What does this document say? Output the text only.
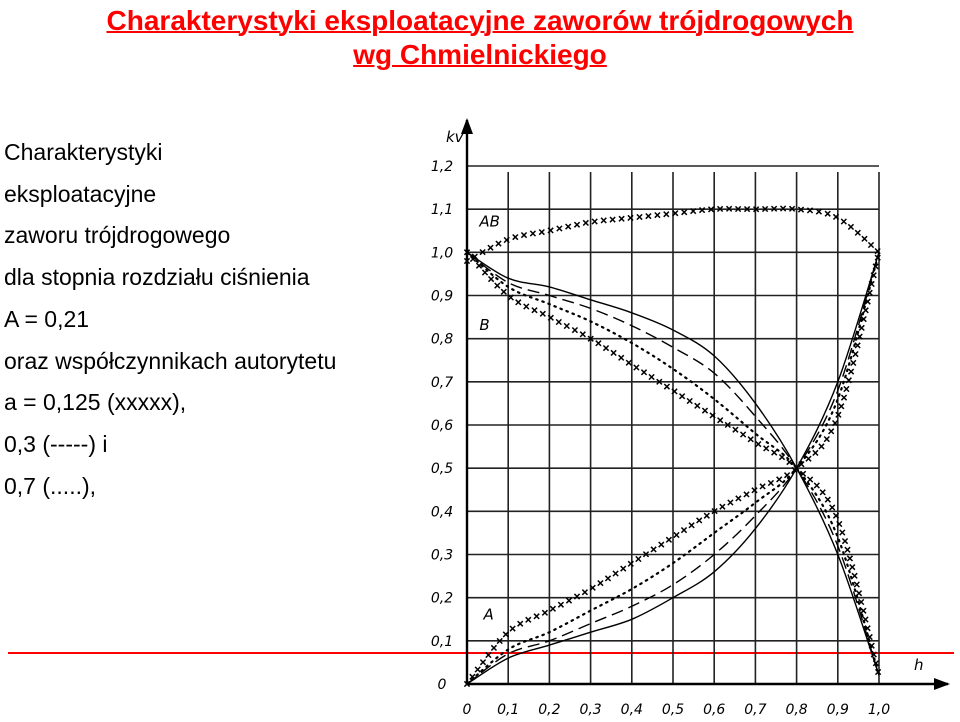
Charakterystyki eksploatacyjne zaworów trójdrogowych
wg Chmielnickiego
Charakterystyki
eksploatacyjne
zaworu trójdrogowego
dla stopnia rozdziału ciśnienia
A = 0,21
oraz współczynnikach autorytetu
a = 0,125 (xxxxx),
0,3 (-----) i
0,7 (.....),
0 0,1 0,2 0,3 0,4 0,5 0,6 0,7 0,8 0,9 1,0
0
0,1
0,2
0,3
0,4
0,5
0,6
0,7
0,8
0,9
1,0
1,1
1,2
kv
h
AB
B
A
